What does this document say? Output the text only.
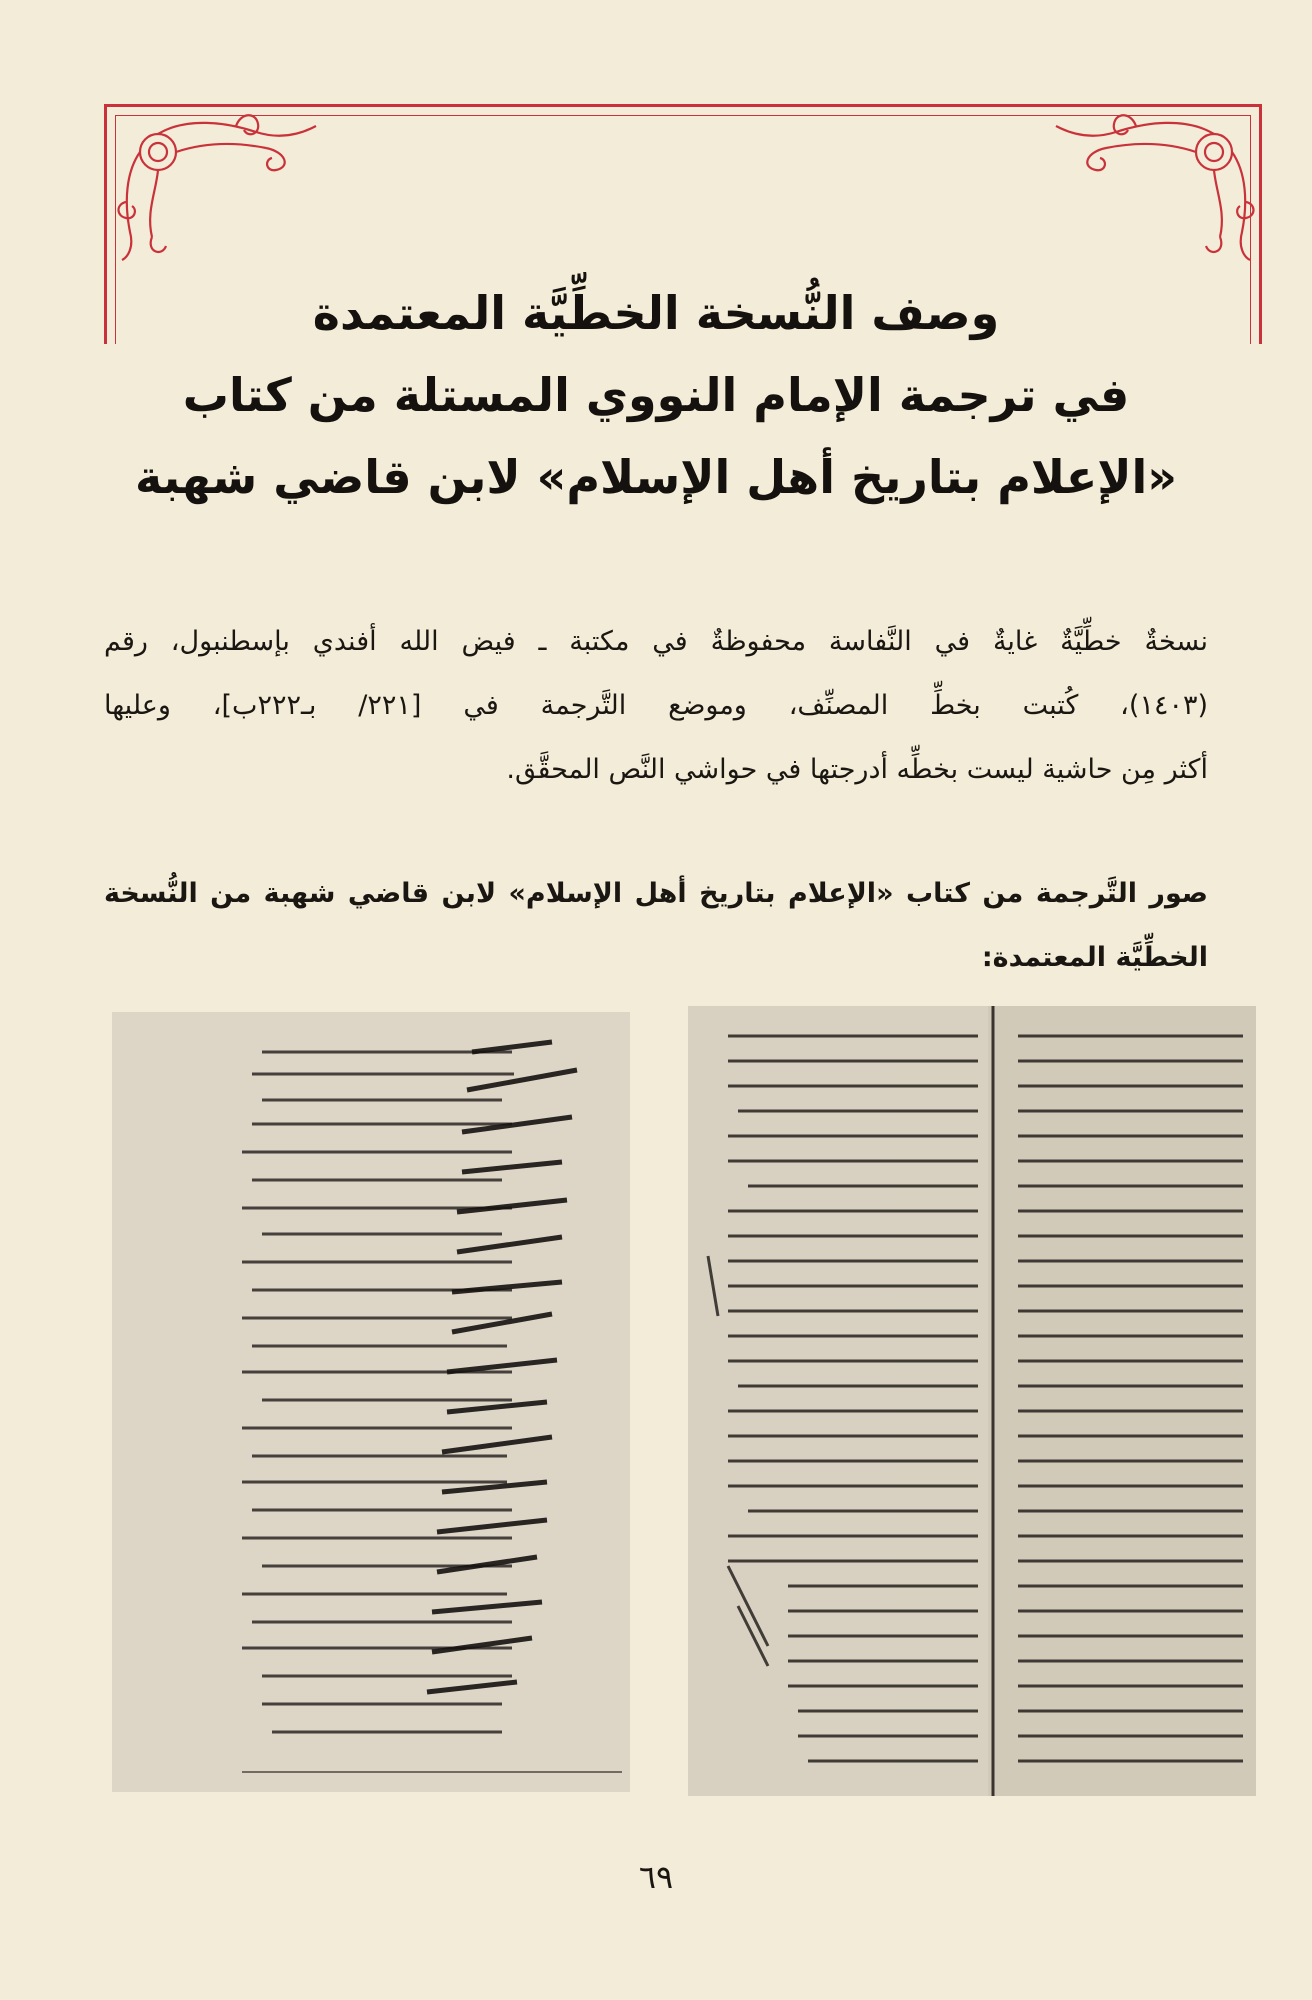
وصف النُّسخة الخطِّيَّة المعتمدة
في ترجمة الإمام النووي المستلة من كتاب
«الإعلام بتاريخ أهل الإسلام» لابن قاضي شهبة
نسخةٌ خطِّيَّةٌ غايةٌ في النَّفاسة محفوظةٌ في مكتبة ـ فيض الله أفندي بإسطنبول، رقم
(١٤٠٣)، كُتبت بخطِّ المصنِّف، وموضع التَّرجمة في [٢٢١/ بـ٢٢٢ب]، وعليها
أكثر مِن حاشية ليست بخطِّه أدرجتها في حواشي النَّص المحقَّق.
صور التَّرجمة من كتاب «الإعلام بتاريخ أهل الإسلام» لابن قاضي شهبة من النُّسخة
الخطِّيَّة المعتمدة:
٦٩
